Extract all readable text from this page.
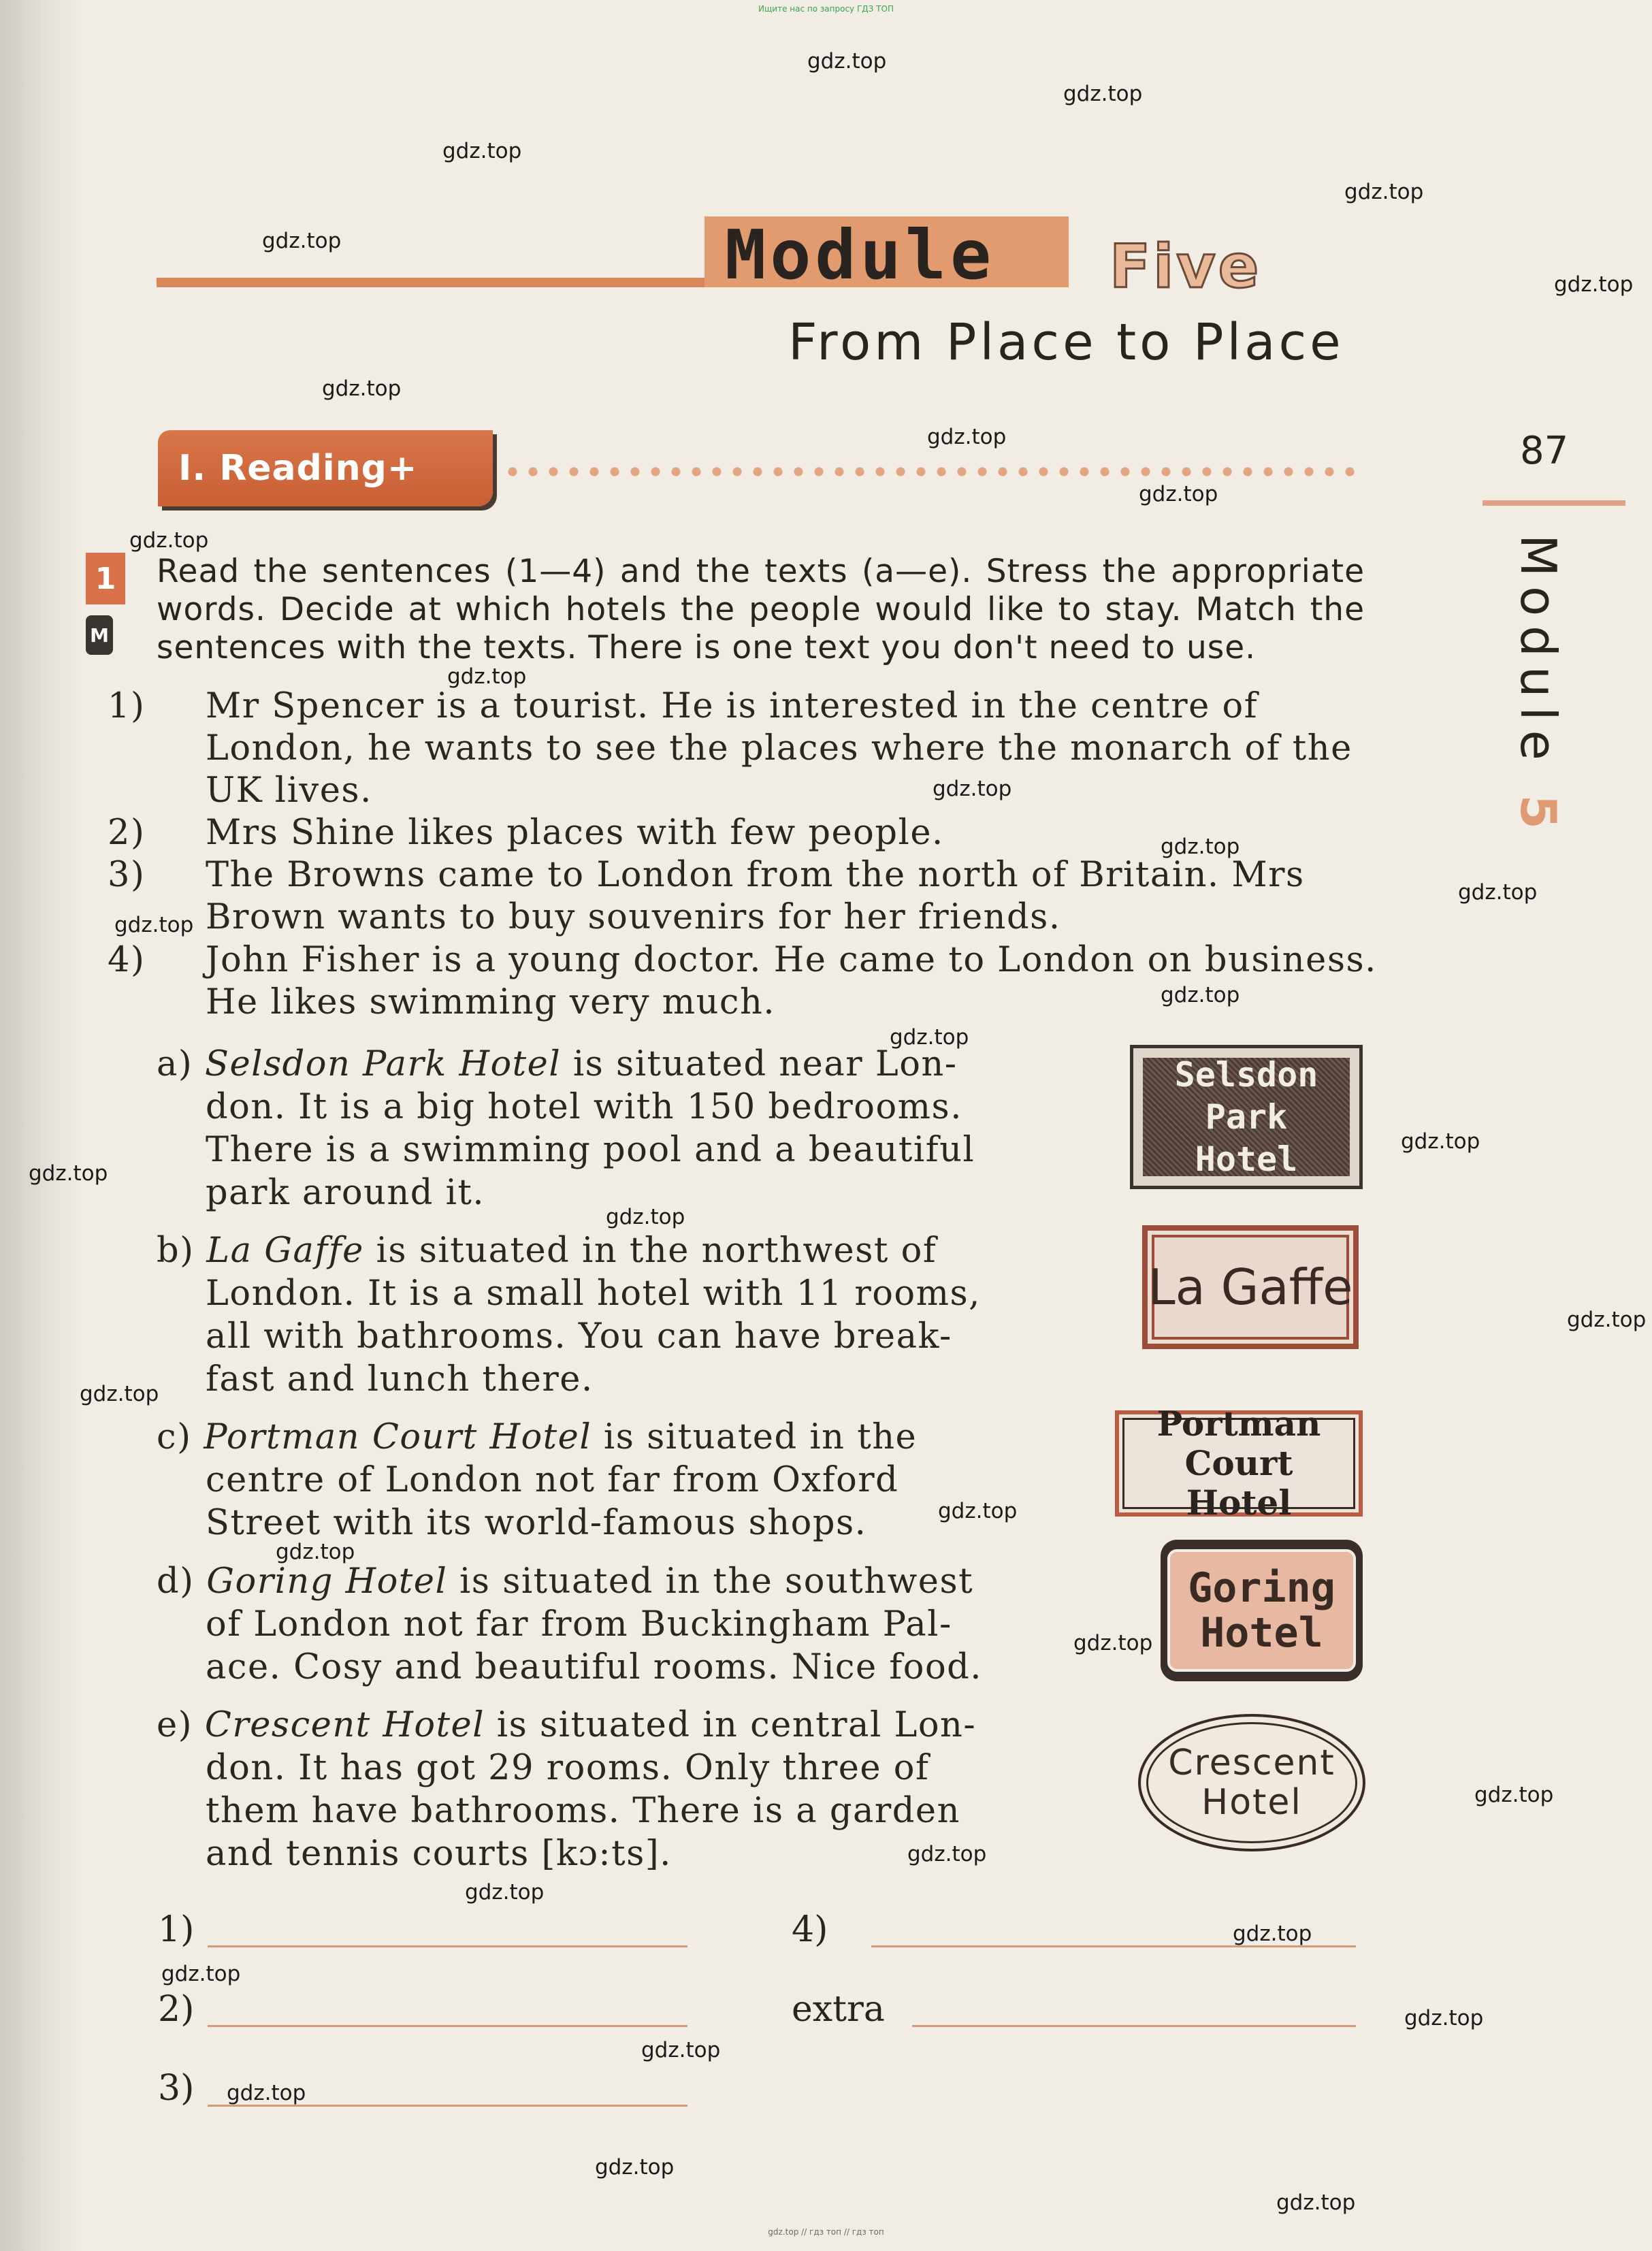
Ищите нас по запросу ГДЗ ТОП
Module Five
From Place to Place
I. Reading+	87
Module 5
1
M
Read the sentences (1—4) and the texts (a—e). Stress the appropriate words. Decide at which hotels the people would like to stay. Match the sentences with the texts. There is one text you don't need to use.
1) Mr Spencer is a tourist. He is interested in the centre of London, he wants to see the places where the monarch of the UK lives.
2) Mrs Shine likes places with few people.
3) The Browns came to London from the north of Britain. Mrs Brown wants to buy souvenirs for her friends.
4) John Fisher is a young doctor. He came to London on business. He likes swimming very much.
a) Selsdon Park Hotel is situated near Lon-
don. It is a big hotel with 150 bedrooms.
There is a swimming pool and a beautiful
park around it.
b) La Gaffe is situated in the northwest of
London. It is a small hotel with 11 rooms,
all with bathrooms. You can have break-
fast and lunch there.
c) Portman Court Hotel is situated in the
centre of London not far from Oxford
Street with its world-famous shops.
d) Goring Hotel is situated in the southwest
of London not far from Buckingham Pal-
ace. Cosy and beautiful rooms. Nice food.
e) Crescent Hotel is situated in central Lon-
don. It has got 29 rooms. Only three of
them have bathrooms. There is a garden
and tennis courts [kɔ:ts].
Selsdon Park
Hotel
La Gaffe
Portman Court
Hotel
Goring
Hotel
Crescent
Hotel
1)
2)
3)
4)
extra
gdz.top
gdz.top
gdz.top
gdz.top
gdz.top
gdz.top
gdz.top
gdz.top
gdz.top
gdz.top
gdz.top
gdz.top
gdz.top
gdz.top
gdz.top
gdz.top
gdz.top
gdz.top
gdz.top
gdz.top
gdz.top
gdz.top
gdz.top
gdz.top
gdz.top
gdz.top
gdz.top
gdz.top
gdz.top
gdz.top
gdz.top
gdz.top
gdz.top
gdz.top
gdz.top
gdz.top // гдз топ // гдз топ
